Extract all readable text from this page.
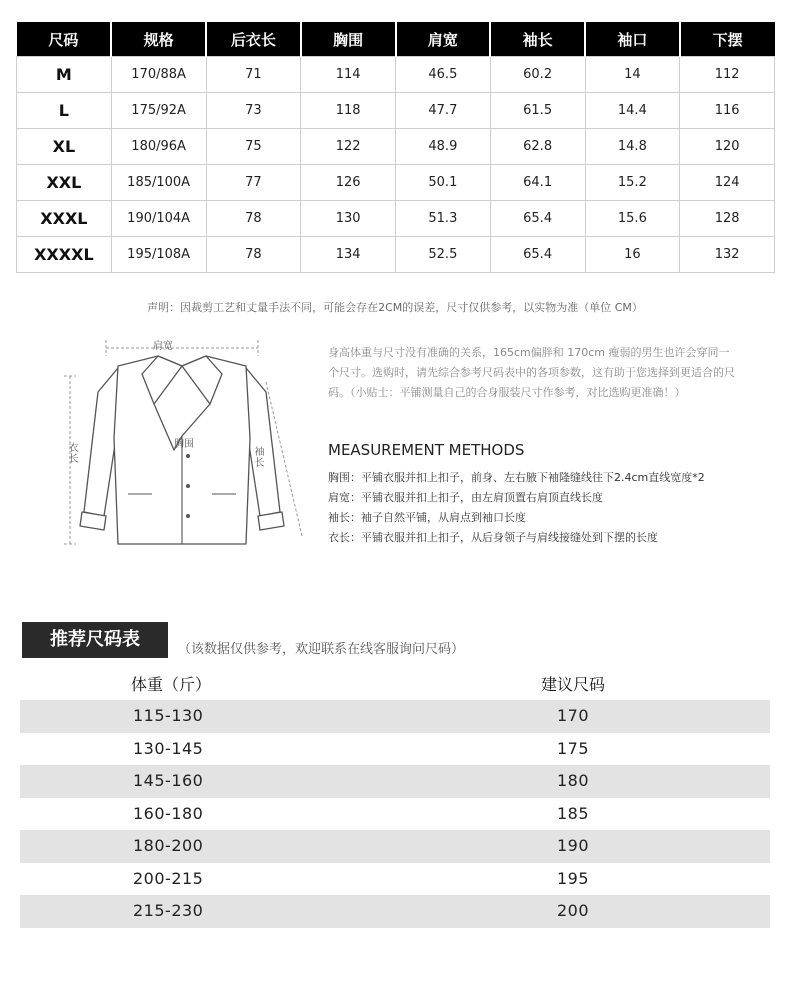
尺码	规格	后衣长	胸围	肩宽	袖长	袖口	下摆
M	170/88A	71	114	46.5	60.2	14	112
L	175/92A	73	118	47.7	61.5	14.4	116
XL	180/96A	75	122	48.9	62.8	14.8	120
XXL	185/100A	77	126	50.1	64.1	15.2	124
XXXL	190/104A	78	130	51.3	65.4	15.6	128
XXXXL	195/108A	78	134	52.5	65.4	16	132
声明：因裁剪工艺和丈量手法不同，可能会存在2CM的误差，尺寸仅供参考，以实物为准（单位 CM）
肩宽
衣长	胸围
袖长
身高体重与尺寸没有准确的关系，165cm偏胖和 170cm 瘦弱的男生也许会穿同一个尺寸。选购时，请先综合参考尺码表中的各项参数，这有助于您选择到更适合的尺码。（小贴士：平铺测量自己的合身服装尺寸作参考，对比选购更准确！）
MEASUREMENT METHODS
胸围：平铺衣服并扣上扣子，前身、左右腋下袖隆缝线往下2.4cm直线宽度*2
肩宽：平铺衣服并扣上扣子，由左肩顶置右肩顶直线长度
袖长：袖子自然平铺，从肩点到袖口长度
衣长：平铺衣服并扣上扣子，从后身领子与肩线接缝处到下摆的长度
推荐尺码表	（该数据仅供参考，欢迎联系在线客服询问尺码）
体重（斤）	建议尺码
115-130	170
130-145	175
145-160	180
160-180	185
180-200	190
200-215	195
215-230	200
